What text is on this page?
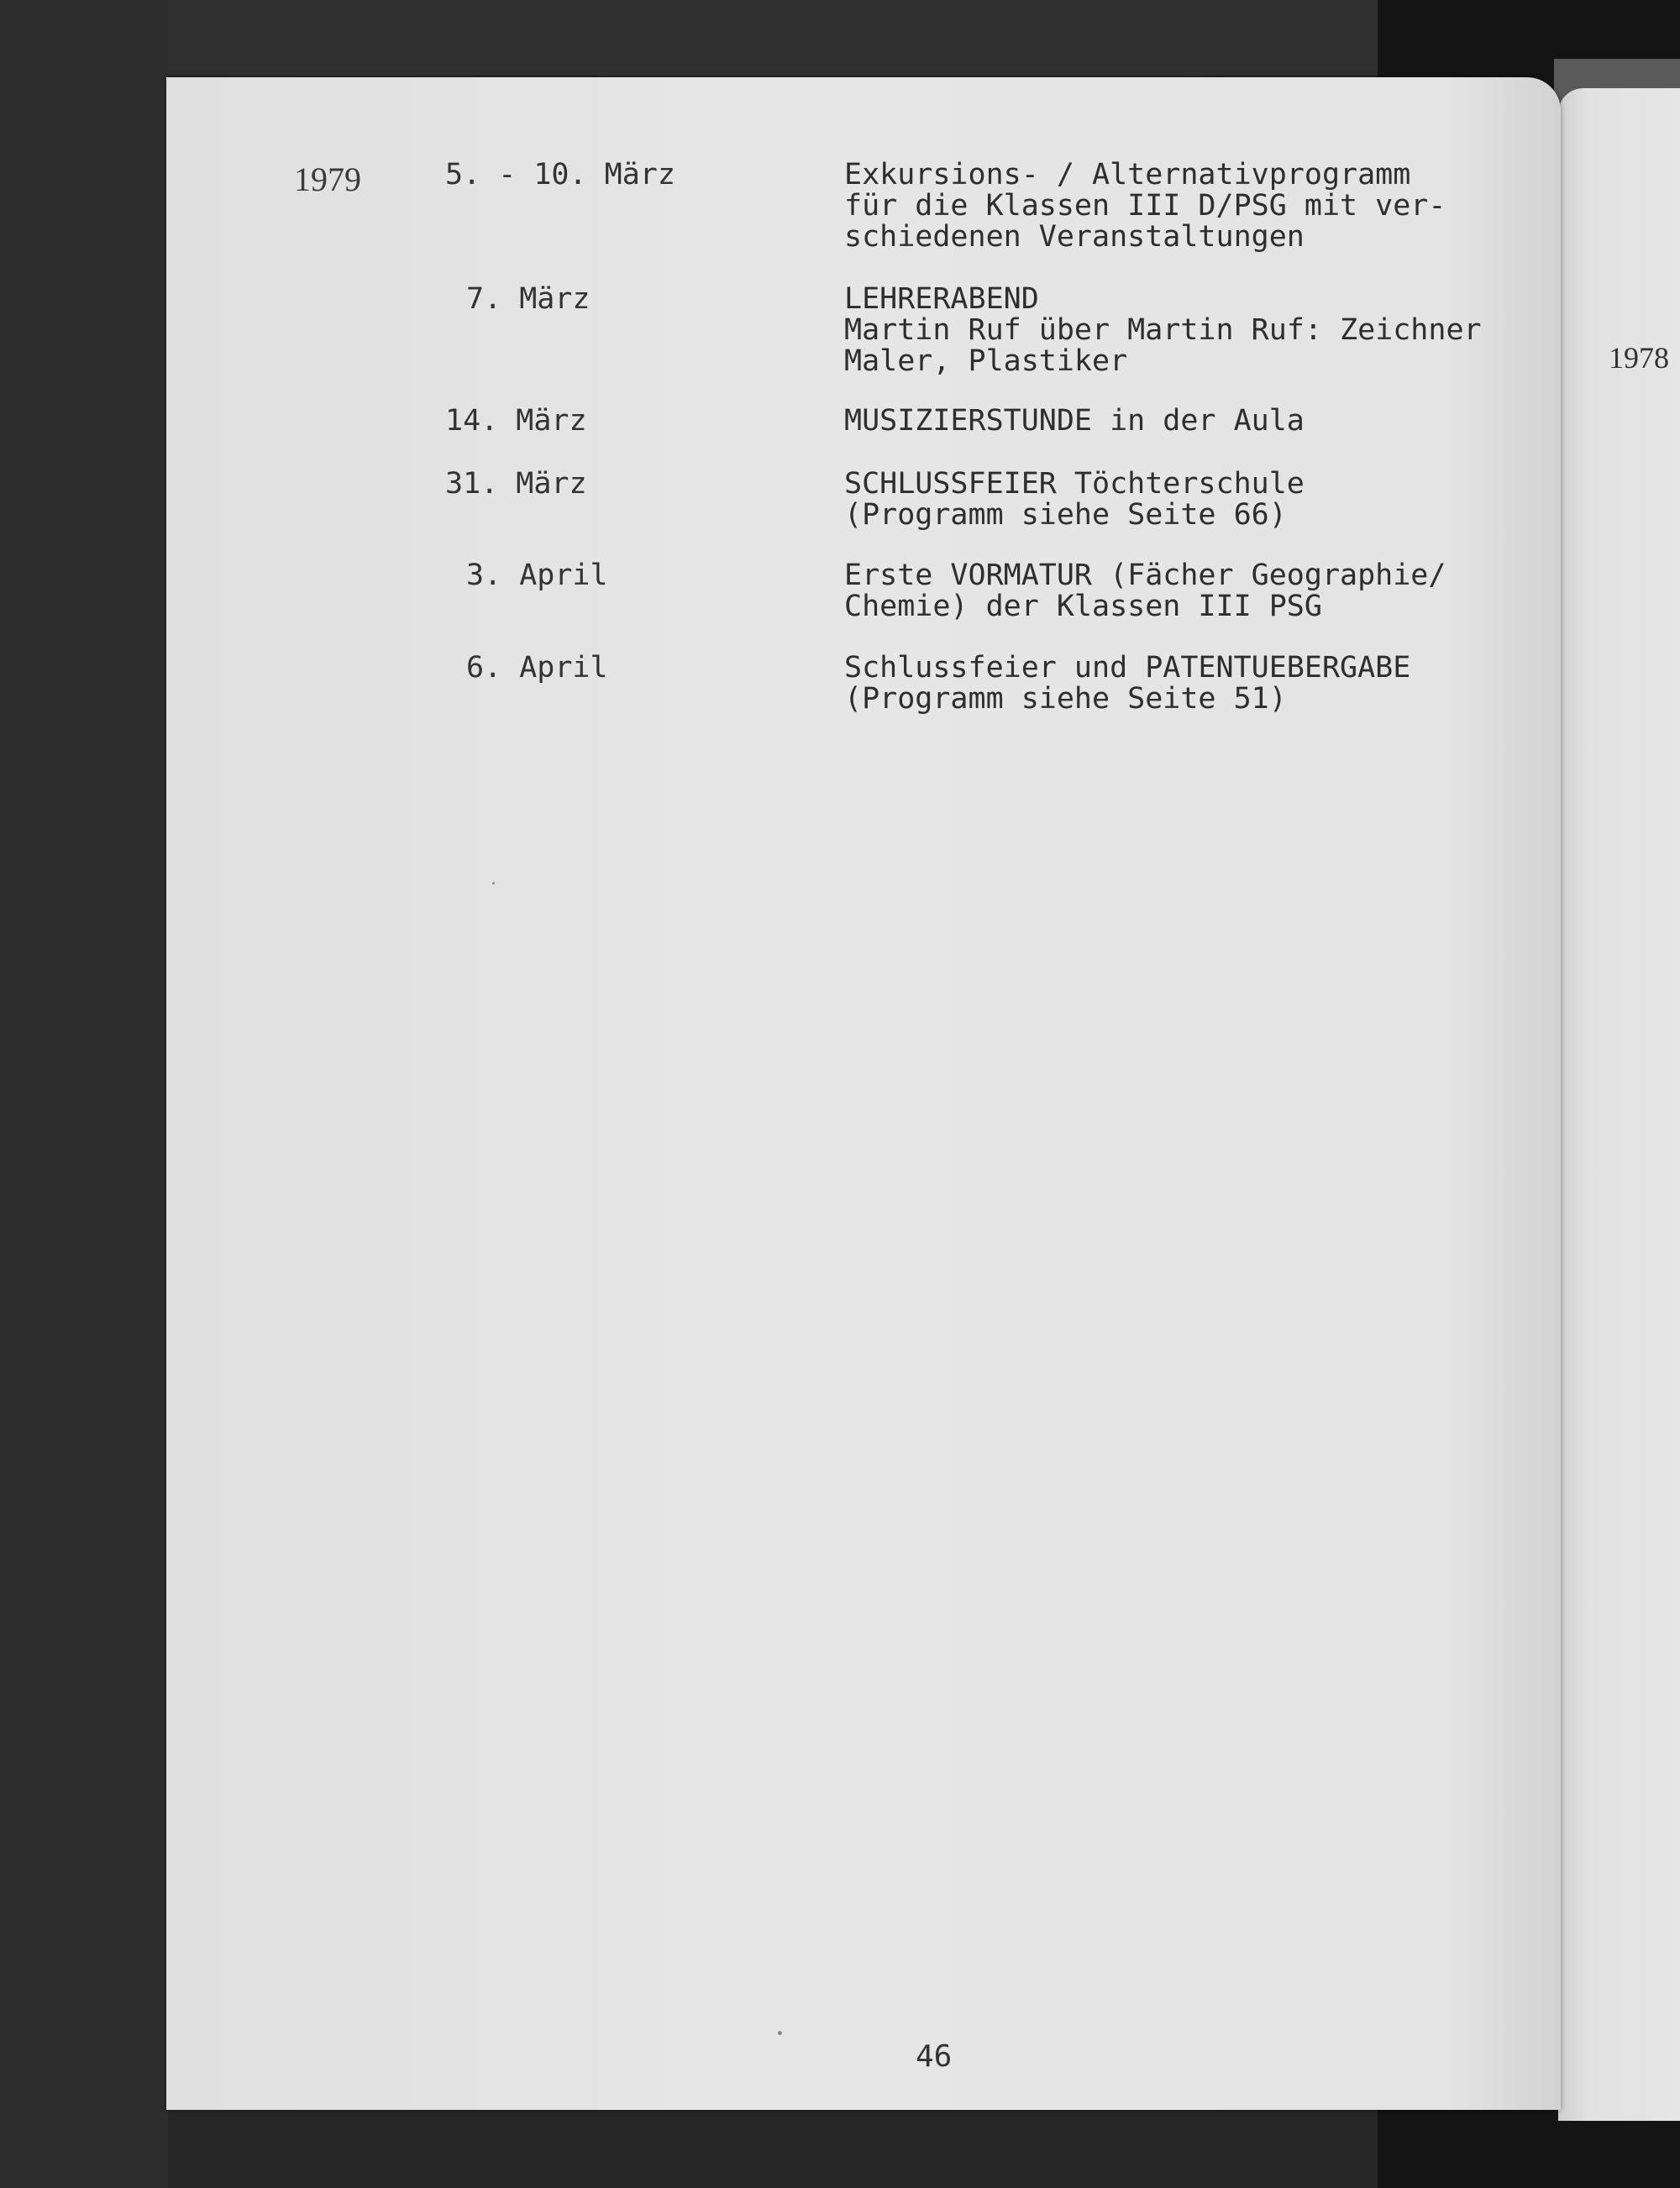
1978
1979	5. - 10. März	Exkursions- / Alternativprogramm
für die Klassen III D/PSG mit ver-
schiedenen Veranstaltungen
7. März	LEHRERABEND
Martin Ruf über Martin Ruf: Zeichner
Maler, Plastiker
14. März	MUSIZIERSTUNDE in der Aula
31. März	SCHLUSSFEIER Töchterschule
(Programm siehe Seite 66)
3. April	Erste VORMATUR (Fächer Geographie/
Chemie) der Klassen III PSG
6. April	Schlussfeier und PATENTUEBERGABE
(Programm siehe Seite 51)
46
